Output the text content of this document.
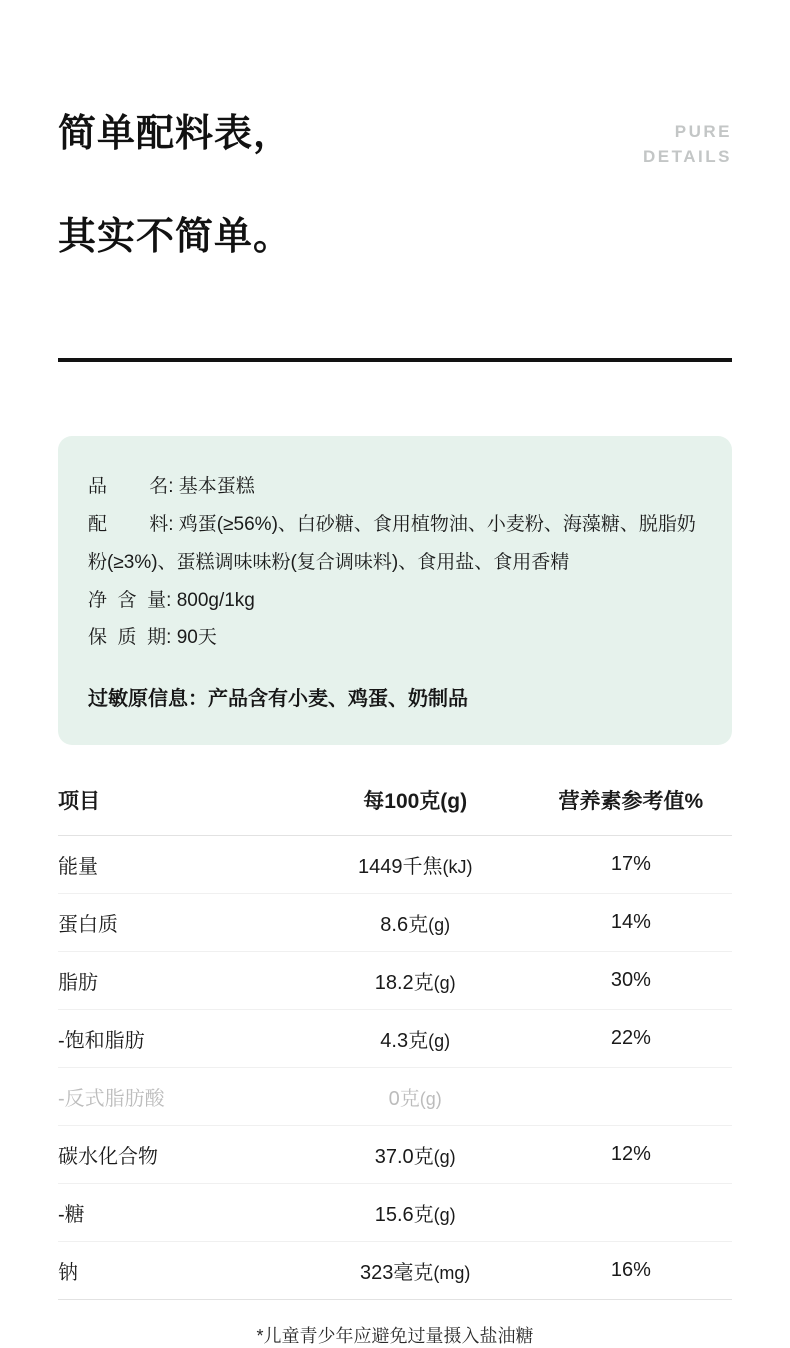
简单配料表，

其实不简单。

PURE
DETAILS
品        名: 基本蛋糕
配        料: 鸡蛋(≥56%)、白砂糖、食用植物油、小麦粉、海藻糖、脱脂奶粉(≥3%)、蛋糕调味味粉(复合调味料)、食用盐、食用香精
净  含  量: 800g/1kg
保  质  期: 90天
过敏原信息：产品含有小麦、鸡蛋、奶制品
项目	每100克(g)	营养素参考值%
能量	1449千焦(kJ)	17%
蛋白质	8.6克(g)	14%
脂肪	18.2克(g)	30%
-饱和脂肪	4.3克(g)	22%
-反式脂肪酸	0克(g)	
碳水化合物	37.0克(g)	12%
-糖	15.6克(g)	
钠	323毫克(mg)	16%
*儿童青少年应避免过量摄入盐油糖
